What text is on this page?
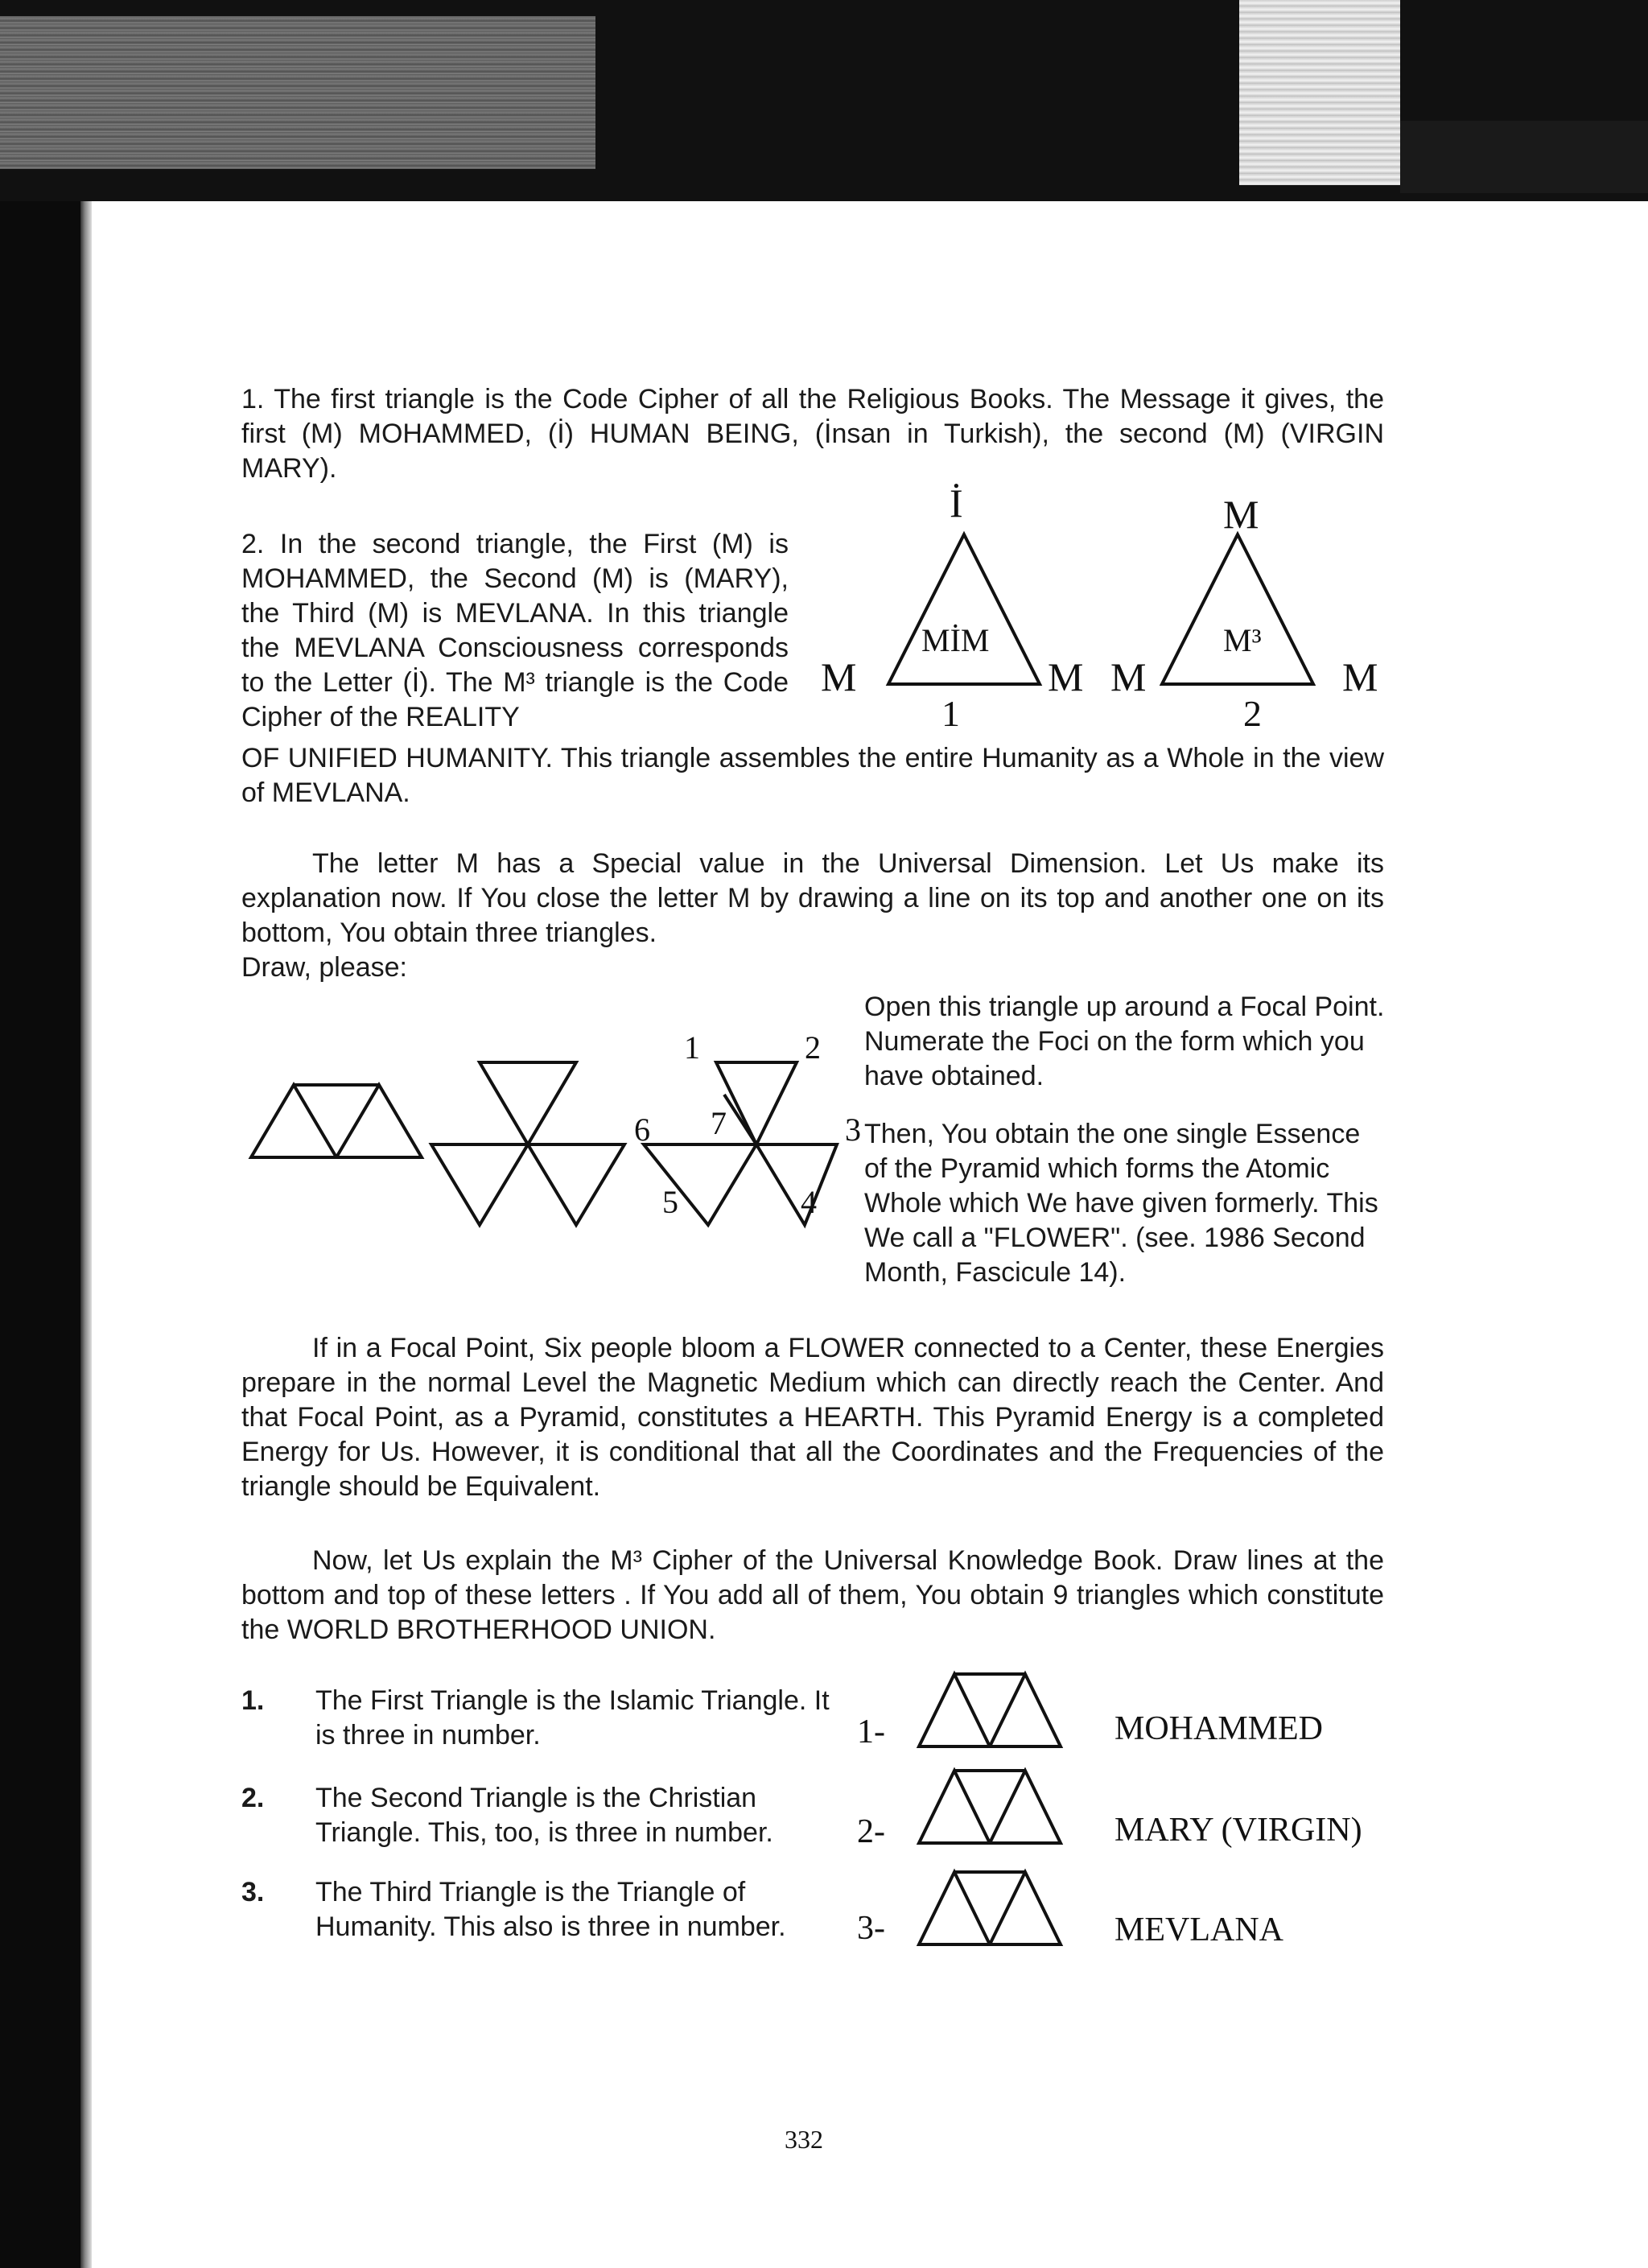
1. The first triangle is the Code Cipher of all the Religious Books. The Message it gives, the first (M) MOHAMMED, (İ) HUMAN BEING, (İnsan in Turkish), the second (M) (VIRGIN MARY).

2. In the second triangle, the First (M) is MOHAMMED, the Second (M) is (MARY), the Third (M) is MEVLANA. In this triangle the MEVLANA Consciousness corresponds to the Letter (İ). The M³ triangle is the Code Cipher of the REALITY

OF UNIFIED HUMANITY. This triangle assembles the entire Humanity as a Whole in the view of MEVLANA.

İ
MİM
M	M
1
M
M³
M	M
2

The letter M has a Special value in the Universal Dimension. Let Us make its explanation now. If You close the letter M by drawing a line on its top and another one on its bottom, You obtain three triangles.

Draw, please:

1	2
3
4
5
6 7

Open this triangle up around a Focal Point. Numerate the Foci on the form which you have obtained.

Then, You obtain the one single Essence of the Pyramid which forms the Atomic Whole which We have given formerly. This We call a "FLOWER". (see. 1986 Second Month, Fascicule 14).

If in a Focal Point, Six people bloom a FLOWER connected to a Center, these Energies prepare in the normal Level the Magnetic Medium which can directly reach the Center. And that Focal Point, as a Pyramid, constitutes a HEARTH. This Pyramid Energy is a completed Energy for Us. However, it is conditional that all the Coordinates and the Frequencies of the triangle should be Equivalent.

Now, let Us explain the M³ Cipher of the Universal Knowledge Book. Draw lines at the bottom and top of these letters . If You add all of them, You obtain 9 triangles which constitute the WORLD BROTHERHOOD UNION.

1. The First Triangle is the Islamic Triangle. It is three in number.	1-	MOHAMMED
2. The Second Triangle is the Christian Triangle. This, too, is three in number.	2-	MARY (VIRGIN)
3. The Third Triangle is the Triangle of Humanity. This also is three in number.	3-	MEVLANA
332
